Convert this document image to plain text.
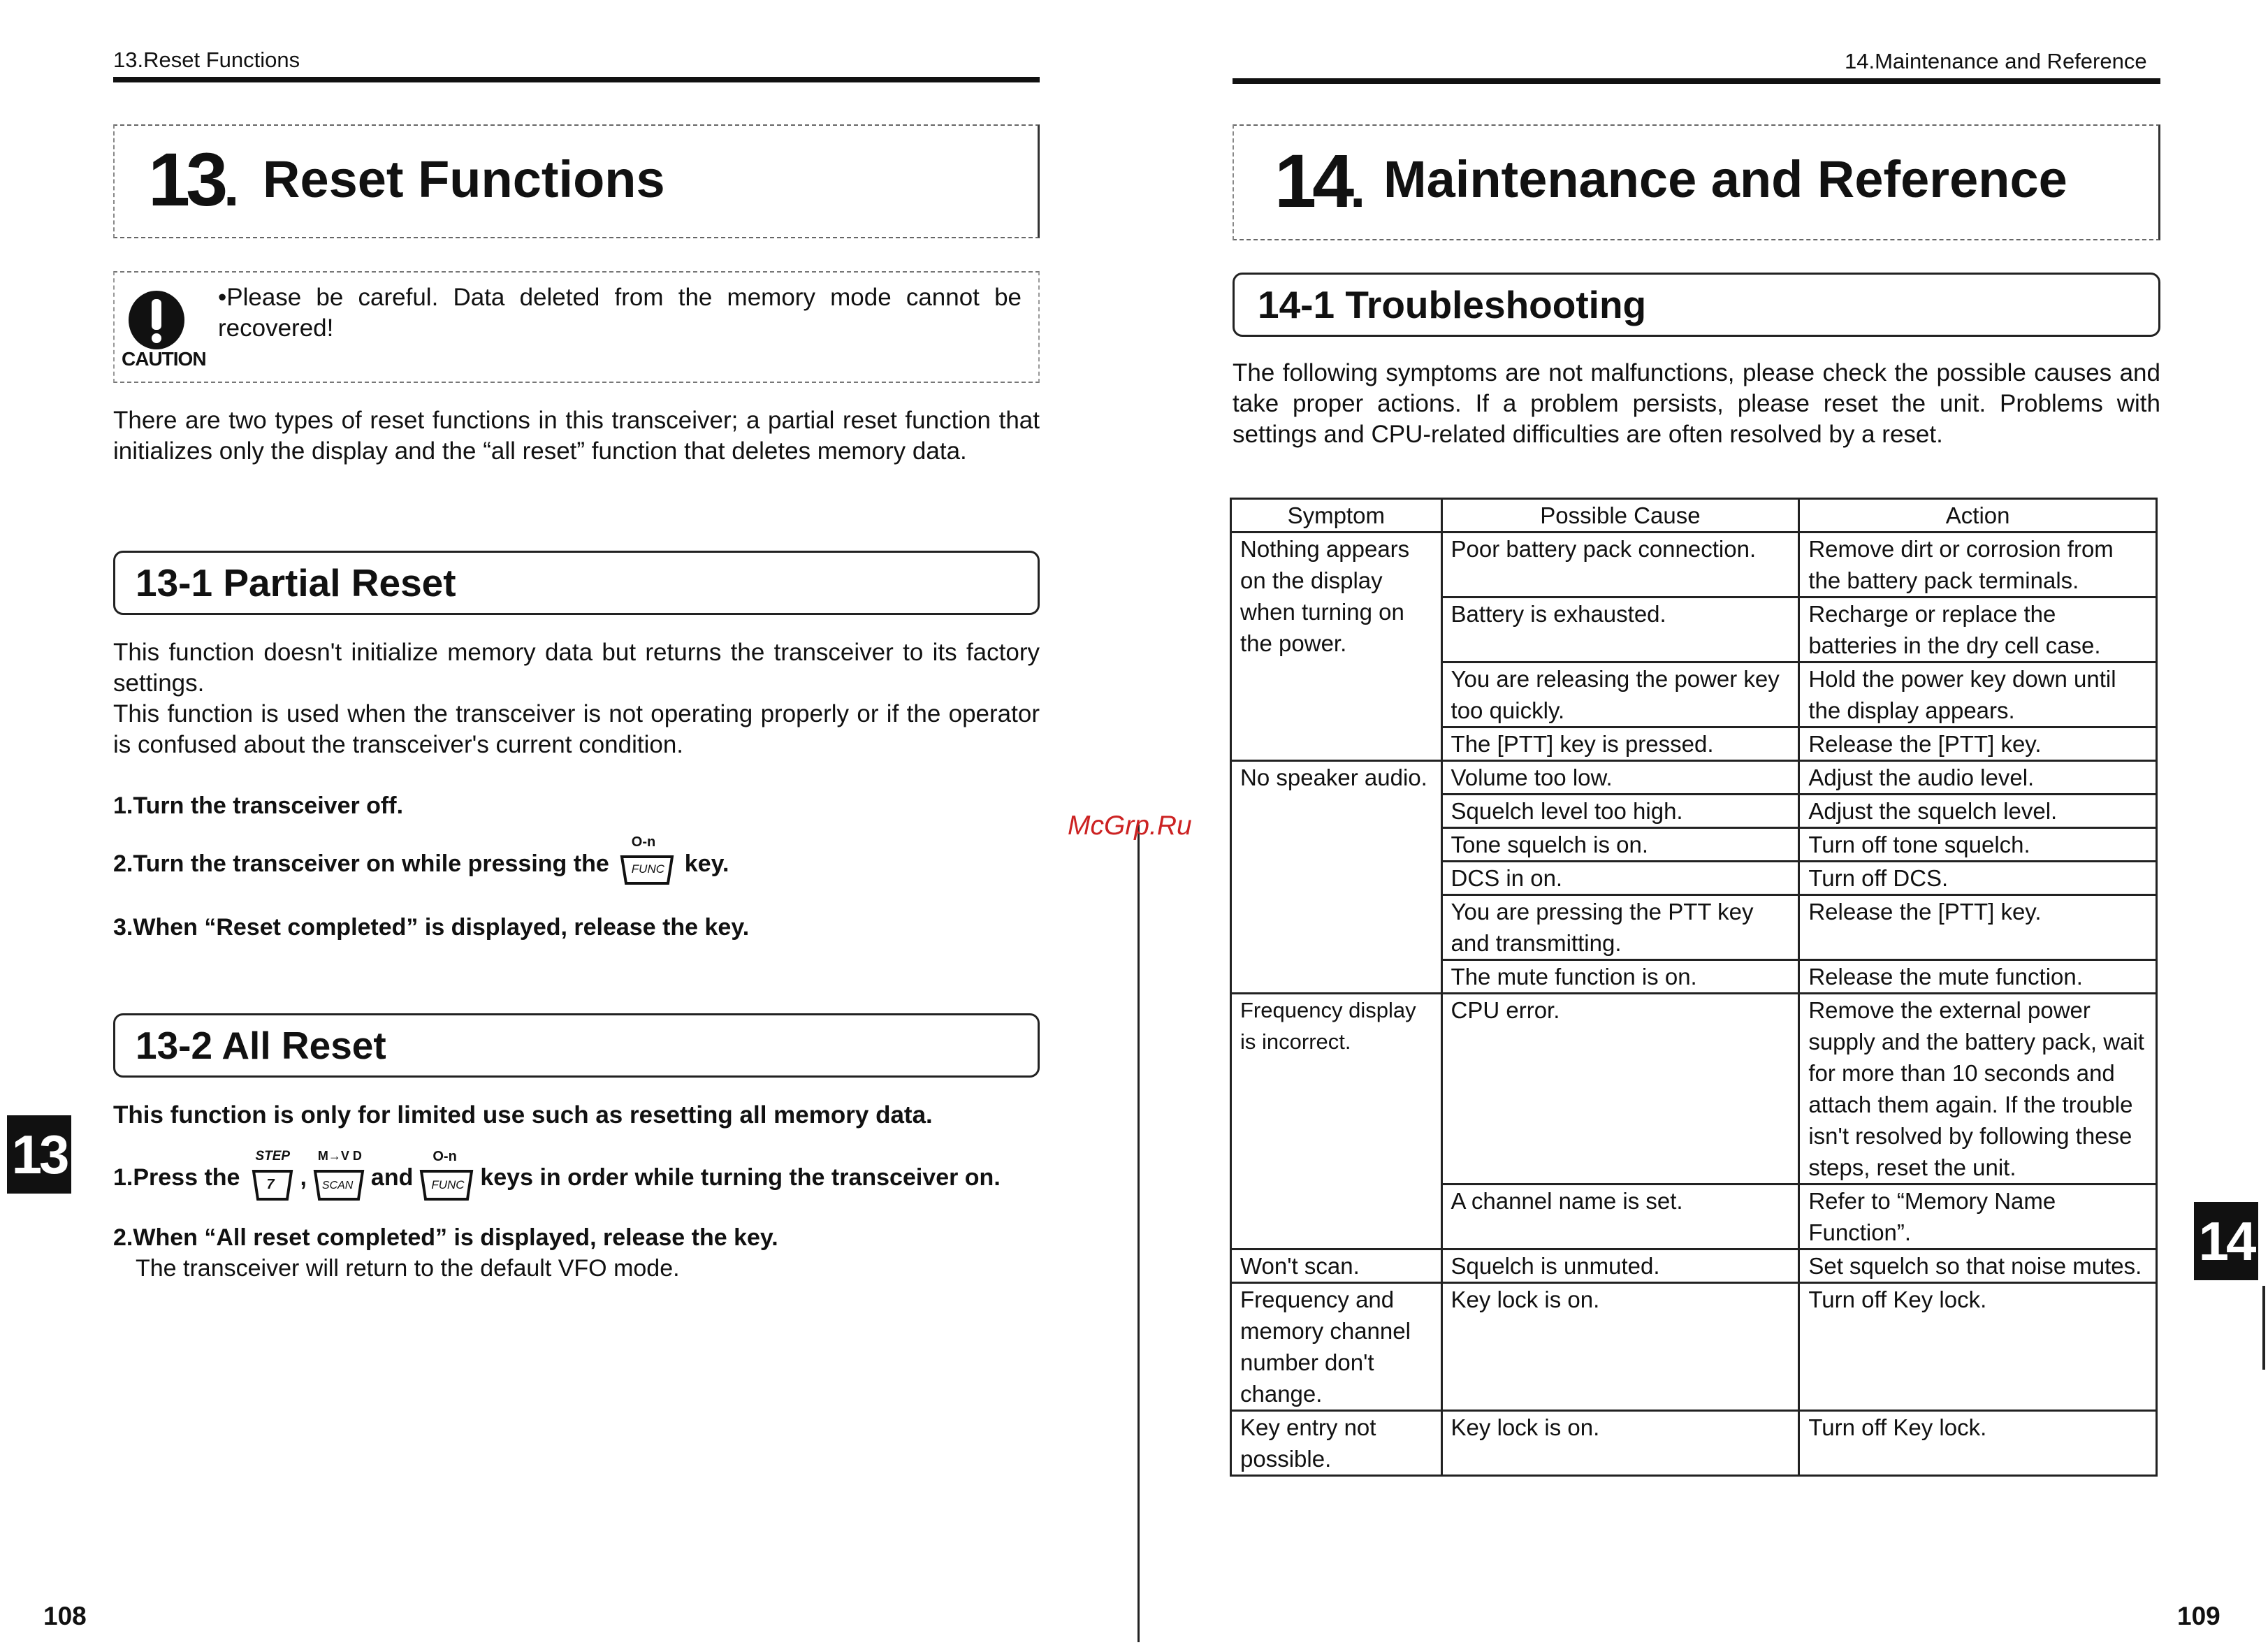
13.Reset Functions
13. Reset Functions
CAUTION
•Please be careful. Data deleted from the memory mode cannot be recovered!
There are two types of reset functions in this transceiver; a partial reset function that initializes only the display and the “all reset” function that deletes memory data.
13-1 Partial Reset
This function doesn't initialize memory data but returns the transceiver to its factory settings.
This function is used when the transceiver is not operating properly or if the operator is confused about the transceiver's current condition.
1.Turn the transceiver off.
2.Turn the transceiver on while pressing the
O-n
FUNC key.
3.When “Reset completed” is displayed, release the key.
13-2 All Reset
This function is only for limited use such as resetting all memory data.
1.Press the
STEP
7 ,
M→V D
SCAN and
O-n
FUNC keys in order while turning the transceiver on.
2.When “All reset completed” is displayed, release the key.
The transceiver will return to the default VFO mode.
13
108
McGrp.Ru
14.Maintenance and Reference
14. Maintenance and Reference
14-1 Troubleshooting
The following symptoms are not malfunctions, please check the possible causes and take proper actions. If a problem persists, please reset the unit. Problems with settings and CPU-related difficulties are often resolved by a reset.
Symptom	Possible Cause	Action
Nothing appears on the display when turning on the power.	Poor battery pack connection.	Remove dirt or corrosion from the battery pack terminals.
	Battery is exhausted.	Recharge or replace the batteries in the dry cell case.
	You are releasing the power key too quickly.	Hold the power key down until the display appears.
	The [PTT] key is pressed.	Release the [PTT] key.
No speaker audio.	Volume too low.	Adjust the audio level.
	Squelch level too high.	Adjust the squelch level.
	Tone squelch is on.	Turn off tone squelch.
	DCS in on.	Turn off DCS.
	You are pressing the PTT key and transmitting.	Release the [PTT] key.
	The mute function is on.	Release the mute function.
Frequency display is incorrect.	CPU error.	Remove the external power supply and the battery pack, wait for more than 10 seconds and attach them again. If the trouble isn't resolved by following these steps, reset the unit.
	A channel name is set.	Refer to “Memory Name Function”.
Won't scan.	Squelch is unmuted.	Set squelch so that noise mutes.
Frequency and memory channel number don't change.	Key lock is on.	Turn off Key lock.
Key entry not possible.	Key lock is on.	Turn off Key lock.
14
109
